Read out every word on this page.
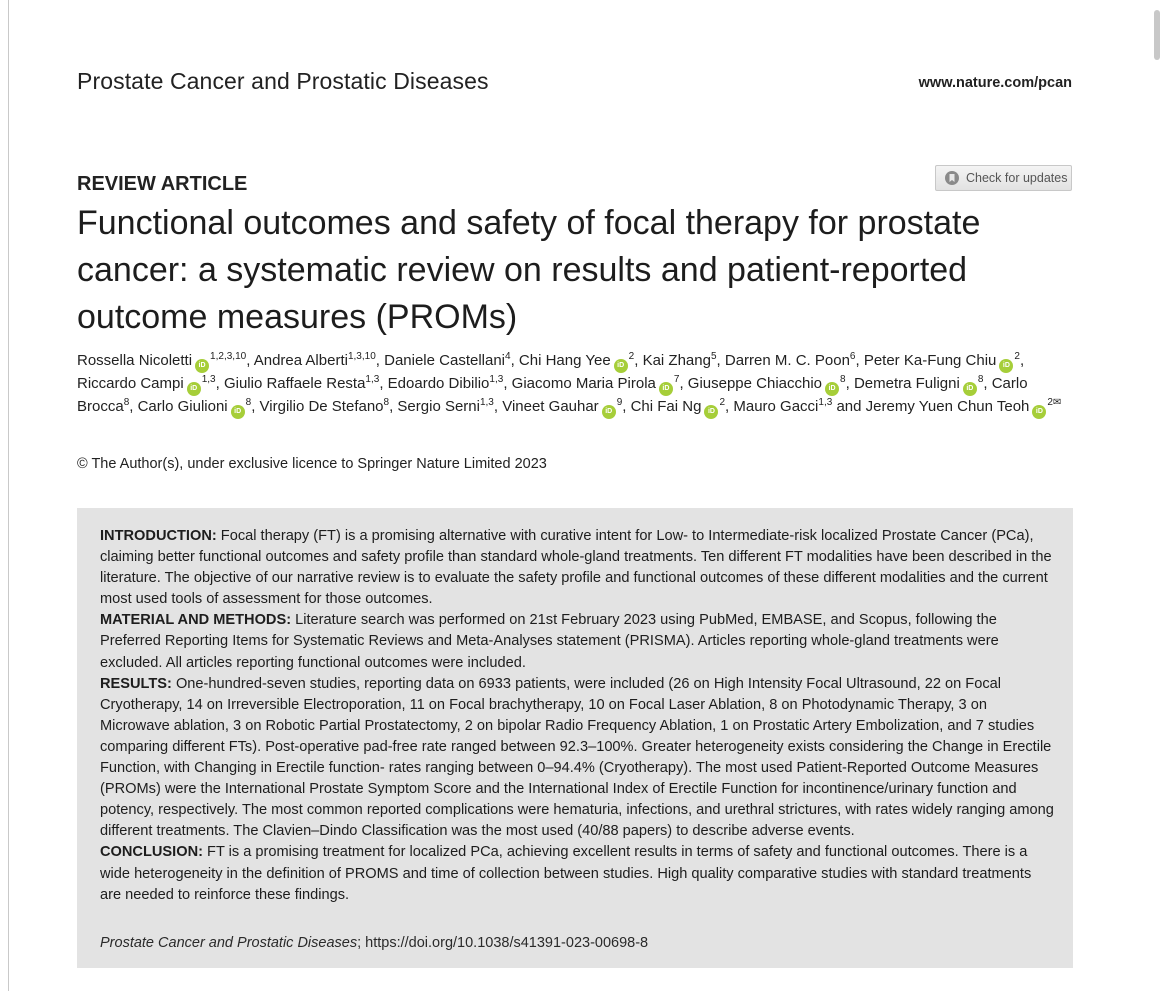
Prostate Cancer and Prostatic Diseases	www.nature.com/pcan
Check for updates
REVIEW ARTICLE
Functional outcomes and safety of focal therapy for prostate cancer: a systematic review on results and patient-reported outcome measures (PROMs)
Rossella Nicoletti iD$^{1,2,3,10}$, Andrea Alberti$^{1,3,10}$, Daniele Castellani$^4$, Chi Hang Yee iD$^2$, Kai Zhang$^5$, Darren M. C. Poon$^6$, Peter Ka-Fung Chiu iD$^2$, Riccardo Campi iD$^{1,3}$, Giulio Raffaele Resta$^{1,3}$, Edoardo Dibilio$^{1,3}$, Giacomo Maria Pirola iD$^7$, Giuseppe Chiacchio iD$^8$, Demetra Fuligni iD$^8$, Carlo Brocca$^8$, Carlo Giulioni iD$^8$, Virgilio De Stefano$^8$, Sergio Serni$^{1,3}$, Vineet Gauhar iD$^9$, Chi Fai Ng iD$^2$, Mauro Gacci$^{1,3}$ and Jeremy Yuen Chun Teoh iD$^{2✉}$
© The Author(s), under exclusive licence to Springer Nature Limited 2023

INTRODUCTION: Focal therapy (FT) is a promising alternative with curative intent for Low- to Intermediate-risk localized Prostate Cancer (PCa), claiming better functional outcomes and safety profile than standard whole-gland treatments. Ten different FT modalities have been described in the literature. The objective of our narrative review is to evaluate the safety profile and functional outcomes of these different modalities and the current most used tools of assessment for those outcomes.

MATERIAL AND METHODS: Literature search was performed on 21st February 2023 using PubMed, EMBASE, and Scopus, following the Preferred Reporting Items for Systematic Reviews and Meta-Analyses statement (PRISMA). Articles reporting whole-gland treatments were excluded. All articles reporting functional outcomes were included.

RESULTS: One-hundred-seven studies, reporting data on 6933 patients, were included (26 on High Intensity Focal Ultrasound, 22 on Focal Cryotherapy, 14 on Irreversible Electroporation, 11 on Focal brachytherapy, 10 on Focal Laser Ablation, 8 on Photodynamic Therapy, 3 on Microwave ablation, 3 on Robotic Partial Prostatectomy, 2 on bipolar Radio Frequency Ablation, 1 on Prostatic Artery Embolization, and 7 studies comparing different FTs). Post-operative pad-free rate ranged between 92.3–100%. Greater heterogeneity exists considering the Change in Erectile Function, with Changing in Erectile function- rates ranging between 0–94.4% (Cryotherapy). The most used Patient-Reported Outcome Measures (PROMs) were the International Prostate Symptom Score and the International Index of Erectile Function for incontinence/urinary function and potency, respectively. The most common reported complications were hematuria, infections, and urethral strictures, with rates widely ranging among different treatments. The Clavien–Dindo Classification was the most used (40/88 papers) to describe adverse events.

CONCLUSION: FT is a promising treatment for localized PCa, achieving excellent results in terms of safety and functional outcomes. There is a wide heterogeneity in the definition of PROMS and time of collection between studies. High quality comparative studies with standard treatments are needed to reinforce these findings.

Prostate Cancer and Prostatic Diseases; https://doi.org/10.1038/s41391-023-00698-8
